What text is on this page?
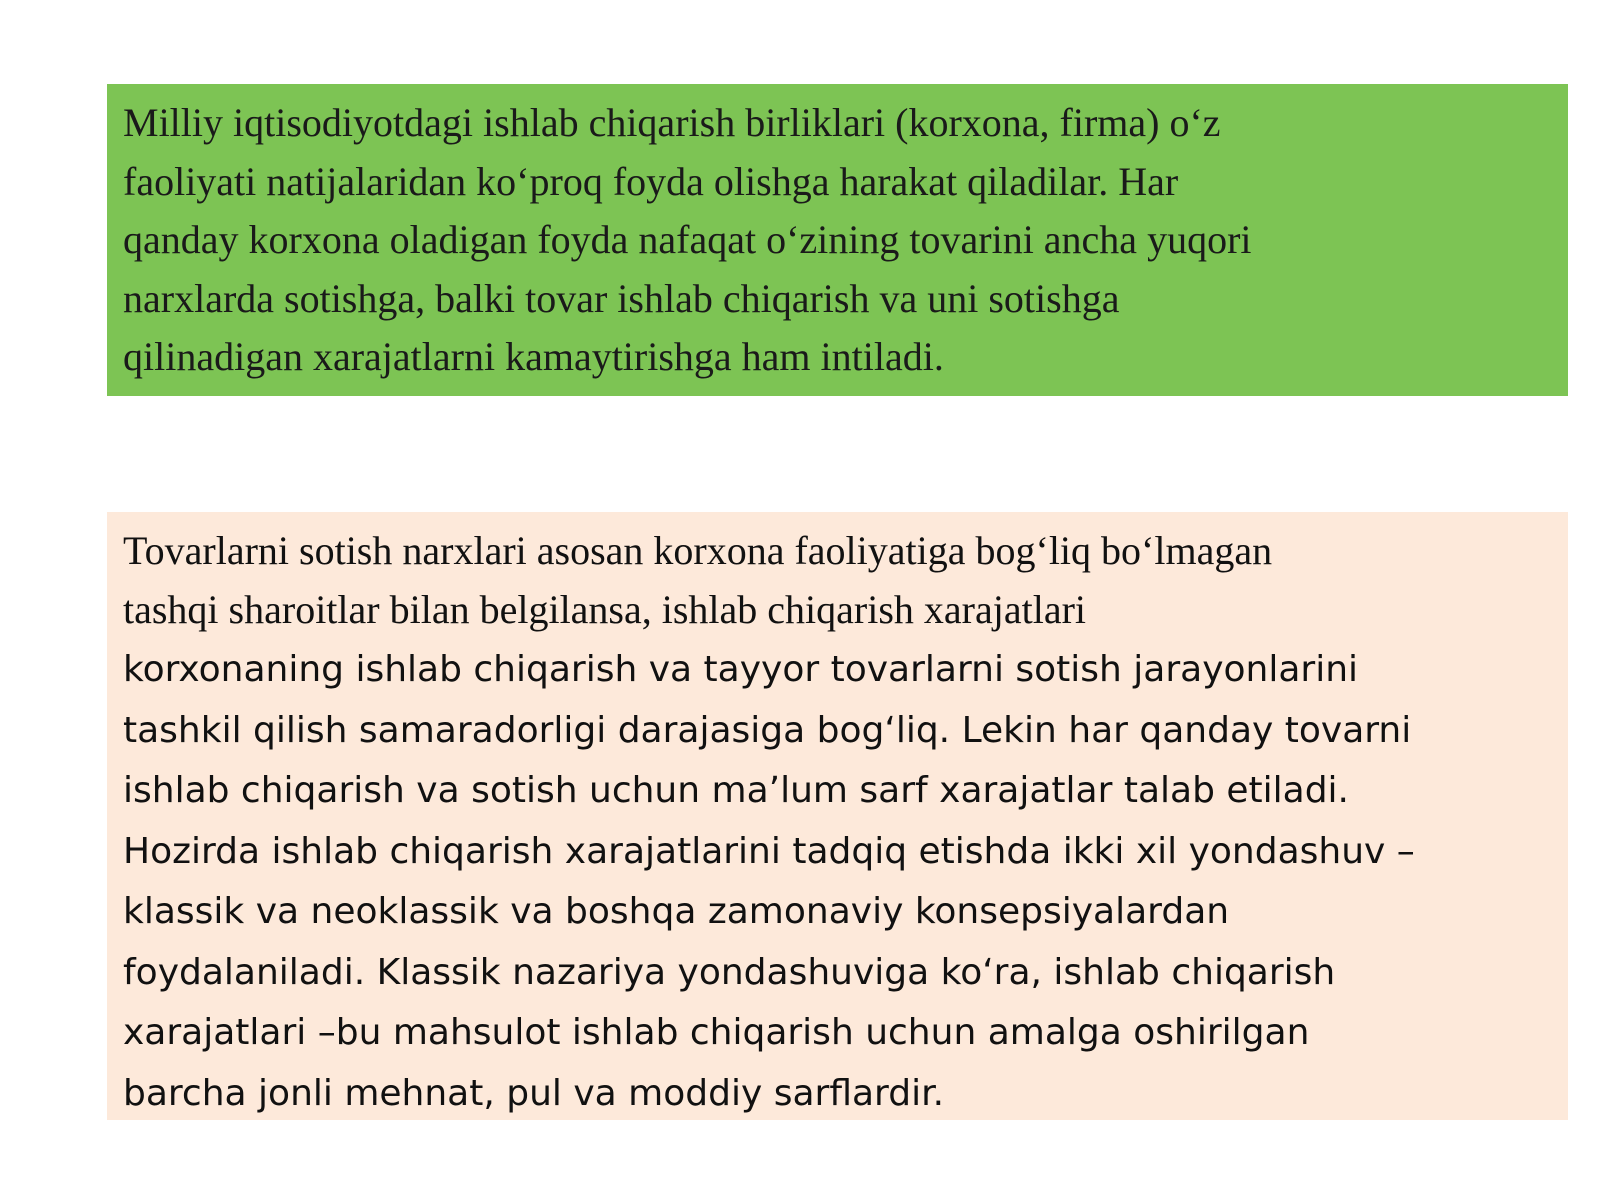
Milliy iqtisodiyotdagi ishlab chiqarish birliklari (korxona, firma) o‘z
faoliyati natijalaridan ko‘proq foyda olishga harakat qiladilar. Har
qanday korxona oladigan foyda nafaqat o‘zining tovarini ancha yuqori
narxlarda sotishga, balki tovar ishlab chiqarish va uni sotishga
qilinadigan xarajatlarni kamaytirishga ham intiladi.

Tovarlarni sotish narxlari asosan korxona faoliyatiga bog‘liq bo‘lmagan
tashqi sharoitlar bilan belgilansa, ishlab chiqarish xarajatlari
korxonaning ishlab chiqarish va tayyor tovarlarni sotish jarayonlarini
tashkil qilish samaradorligi darajasiga bog‘liq. Lekin har qanday tovarni
ishlab chiqarish va sotish uchun ma’lum sarf xarajatlar talab etiladi.
Hozirda ishlab chiqarish xarajatlarini tadqiq etishda ikki xil yondashuv –
klassik va neoklassik va boshqa zamonaviy konsepsiyalardan
foydalaniladi. Klassik nazariya yondashuviga ko‘ra, ishlab chiqarish
xarajatlari –bu mahsulot ishlab chiqarish uchun amalga oshirilgan
barcha jonli mehnat, pul va moddiy sarflardir.
